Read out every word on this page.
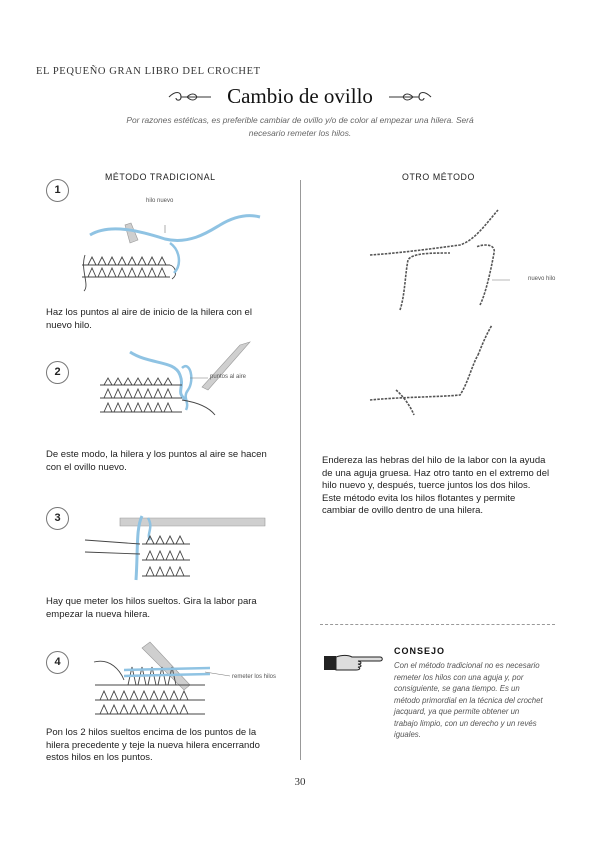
EL PEQUEÑO GRAN LIBRO DEL CROCHET
Cambio de ovillo
Por razones estéticas, es preferible cambiar de ovillo y/o de color al empezar una hilera. Será necesario remeter los hilos.
MÉTODO TRADICIONAL	OTRO MÉTODO
1
hilo nuevo
Haz los puntos al aire de inicio de la hilera con el nuevo hilo.
2	puntos al aire
De este modo, la hilera y los puntos al aire se hacen con el ovillo nuevo.
3
Hay que meter los hilos sueltos. Gira la labor para empezar la nueva hilera.
4
remeter los hilos
Pon los 2 hilos sueltos encima de los puntos de la hilera precedente y teje la nueva hilera encerrando estos hilos en los puntos.
nuevo hilo
Endereza las hebras del hilo de la labor con la ayuda de una aguja gruesa. Haz otro tanto en el extremo del hilo nuevo y, después, tuerce juntos los dos hilos. Este método evita los hilos flotantes y permite cambiar de ovillo dentro de una hilera.
CONSEJO
Con el método tradicional no es necesario remeter los hilos con una aguja y, por consiguiente, se gana tiempo. Es un método primordial en la técnica del crochet jacquard, ya que permite obtener un trabajo limpio, con un derecho y un revés iguales.
30
